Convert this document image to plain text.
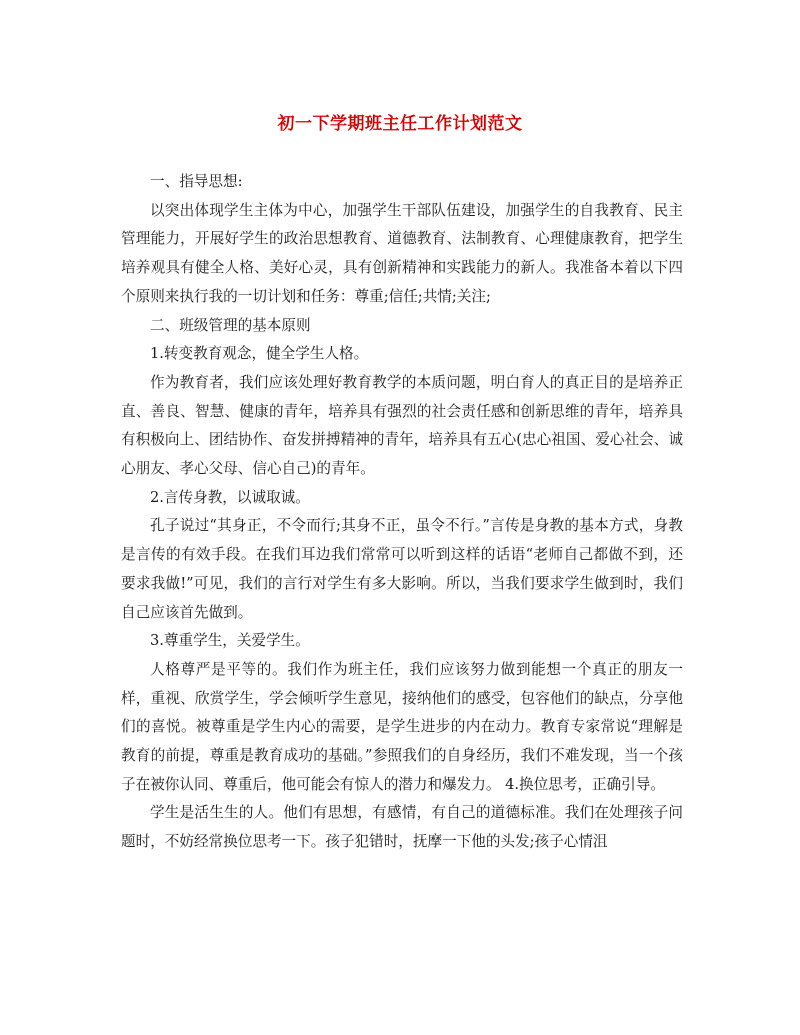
初一下学期班主任工作计划范文

一、指导思想:

以突出体现学生主体为中心，加强学生干部队伍建设，加强学生的自我教育、民主管理能力，开展好学生的政治思想教育、道德教育、法制教育、心理健康教育，把学生培养观具有健全人格、美好心灵，具有创新精神和实践能力的新人。我准备本着以下四个原则来执行我的一切计划和任务：尊重;信任;共情;关注;

二、班级管理的基本原则

1.转变教育观念，健全学生人格。

作为教育者，我们应该处理好教育教学的本质问题，明白育人的真正目的是培养正直、善良、智慧、健康的青年，培养具有强烈的社会责任感和创新思维的青年，培养具有积极向上、团结协作、奋发拼搏精神的青年，培养具有五心(忠心祖国、爱心社会、诚心朋友、孝心父母、信心自己)的青年。

2.言传身教，以诚取诚。

孔子说过“其身正，不令而行;其身不正，虽令不行。”言传是身教的基本方式，身教是言传的有效手段。在我们耳边我们常常可以听到这样的话语“老师自己都做不到，还要求我做!”可见，我们的言行对学生有多大影响。所以，当我们要求学生做到时，我们自己应该首先做到。

3.尊重学生，关爱学生。

人格尊严是平等的。我们作为班主任，我们应该努力做到能想一个真正的朋友一样，重视、欣赏学生，学会倾听学生意见，接纳他们的感受，包容他们的缺点，分享他们的喜悦。被尊重是学生内心的需要，是学生进步的内在动力。教育专家常说“理解是教育的前提，尊重是教育成功的基础。”参照我们的自身经历，我们不难发现，当一个孩子在被你认同、尊重后，他可能会有惊人的潜力和爆发力。 4.换位思考，正确引导。

学生是活生生的人。他们有思想，有感情，有自己的道德标准。我们在处理孩子问题时，不妨经常换位思考一下。孩子犯错时，抚摩一下他的头发;孩子心情沮
